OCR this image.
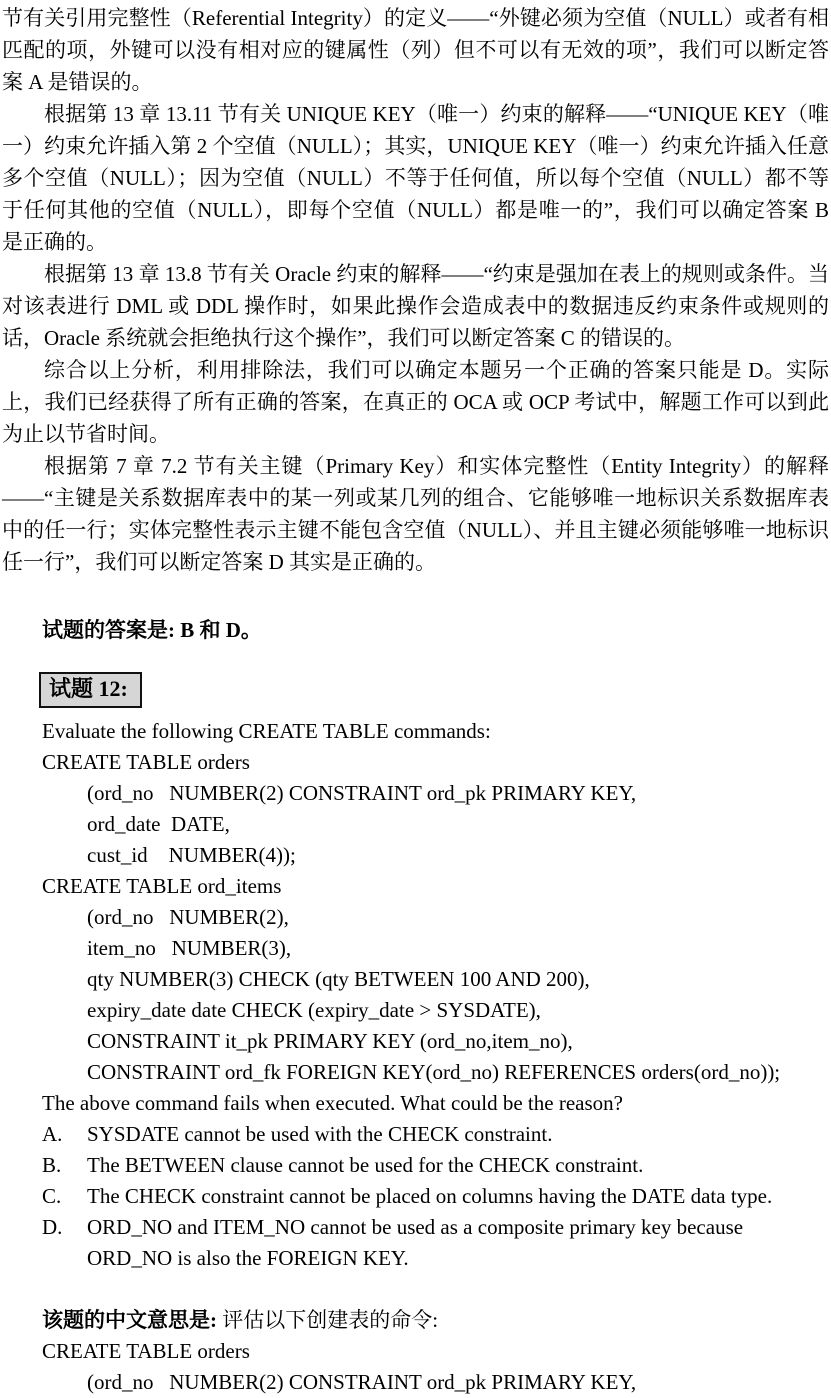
节有关引用完整性（Referential Integrity）的定义——“外键必须为空值（NULL）或者有相匹配的项，外键可以没有相对应的键属性（列）但不可以有无效的项”，我们可以断定答案 A 是错误的。

根据第 13 章 13.11 节有关 UNIQUE KEY（唯一）约束的解释——“UNIQUE KEY（唯一）约束允许插入第 2 个空值（NULL）；其实，UNIQUE KEY（唯一）约束允许插入任意多个空值（NULL）；因为空值（NULL）不等于任何值，所以每个空值（NULL）都不等于任何其他的空值（NULL），即每个空值（NULL）都是唯一的”，我们可以确定答案 B 是正确的。

根据第 13 章 13.8 节有关 Oracle 约束的解释——“约束是强加在表上的规则或条件。当对该表进行 DML 或 DDL 操作时，如果此操作会造成表中的数据违反约束条件或规则的话，Oracle 系统就会拒绝执行这个操作”，我们可以断定答案 C 的错误的。

综合以上分析，利用排除法，我们可以确定本题另一个正确的答案只能是 D。实际上，我们已经获得了所有正确的答案，在真正的 OCA 或 OCP 考试中，解题工作可以到此为止以节省时间。

根据第 7 章 7.2 节有关主键（Primary Key）和实体完整性（Entity Integrity）的解释——“主键是关系数据库表中的某一列或某几列的组合、它能够唯一地标识关系数据库表中的任一行；实体完整性表示主键不能包含空值（NULL）、并且主键必须能够唯一地标识任一行”，我们可以断定答案 D 其实是正确的。

试题的答案是: B 和 D。

试题 12:
Evaluate the following CREATE TABLE commands:
CREATE TABLE orders
(ord_no   NUMBER(2) CONSTRAINT ord_pk PRIMARY KEY,
ord_date  DATE,
cust_id    NUMBER(4));
CREATE TABLE ord_items
(ord_no   NUMBER(2),
item_no   NUMBER(3),
qty NUMBER(3) CHECK (qty BETWEEN 100 AND 200),
expiry_date date CHECK (expiry_date > SYSDATE),
CONSTRAINT it_pk PRIMARY KEY (ord_no,item_no),
CONSTRAINT ord_fk FOREIGN KEY(ord_no) REFERENCES orders(ord_no));
The above command fails when executed. What could be the reason?
A.	SYSDATE cannot be used with the CHECK constraint.
B.	The BETWEEN clause cannot be used for the CHECK constraint.
C.	The CHECK constraint cannot be placed on columns having the DATE data type.
D.	ORD_NO and ITEM_NO cannot be used as a composite primary key because ORD_NO is also the FOREIGN KEY.

该题的中文意思是: 评估以下创建表的命令:

CREATE TABLE orders
(ord_no   NUMBER(2) CONSTRAINT ord_pk PRIMARY KEY,
